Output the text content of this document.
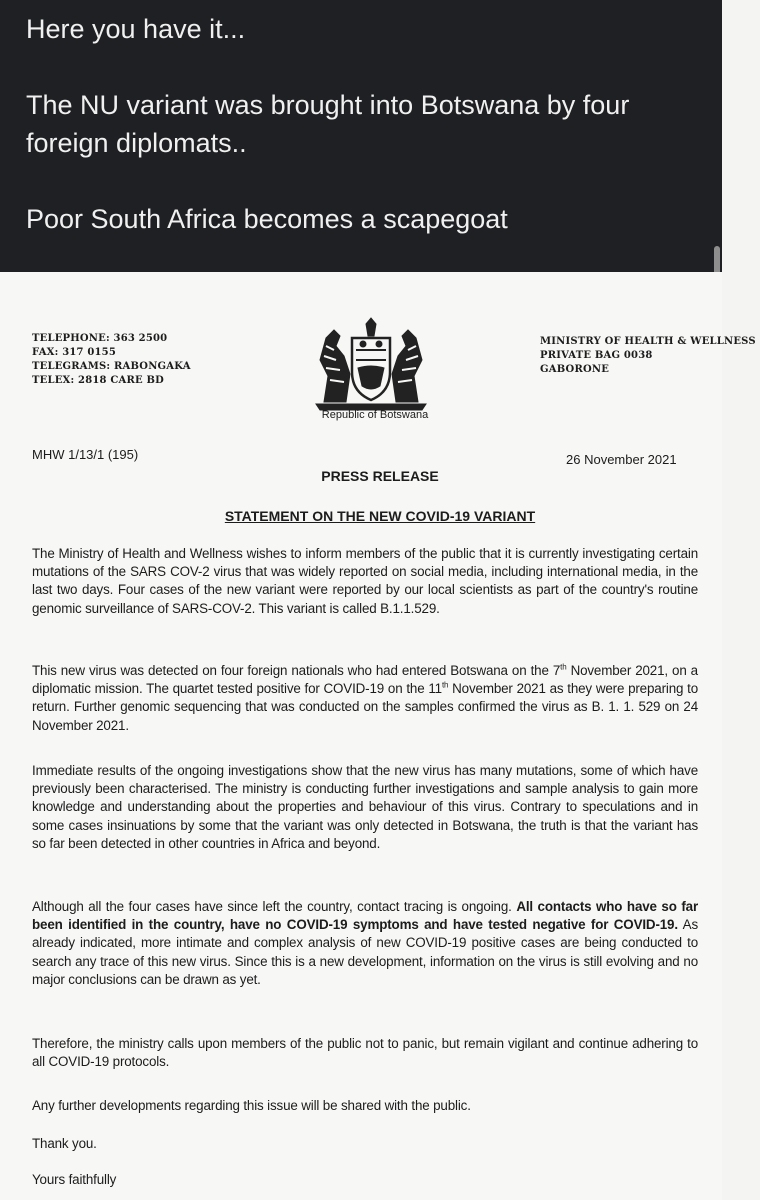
Here you have it...

The NU variant was brought into Botswana by four foreign diplomats..

Poor South Africa becomes a scapegoat

TELEPHONE: 363 2500
FAX: 317 0155
TELEGRAMS: RABONGAKA
TELEX: 2818 CARE BD
Republic of Botswana
MINISTRY OF HEALTH & WELLNESS
PRIVATE BAG 0038
GABORONE
MHW 1/13/1 (195)	26 November 2021
PRESS RELEASE
STATEMENT ON THE NEW COVID-19 VARIANT
The Ministry of Health and Wellness wishes to inform members of the public that it is currently investigating certain mutations of the SARS COV-2 virus that was widely reported on social media, including international media, in the last two days. Four cases of the new variant were reported by our local scientists as part of the country's routine genomic surveillance of SARS-COV-2. This variant is called B.1.1.529.
This new virus was detected on four foreign nationals who had entered Botswana on the 7th November 2021, on a diplomatic mission. The quartet tested positive for COVID-19 on the 11th November 2021 as they were preparing to return. Further genomic sequencing that was conducted on the samples confirmed the virus as B. 1. 1. 529 on 24 November 2021.
Immediate results of the ongoing investigations show that the new virus has many mutations, some of which have previously been characterised. The ministry is conducting further investigations and sample analysis to gain more knowledge and understanding about the properties and behaviour of this virus. Contrary to speculations and in some cases insinuations by some that the variant was only detected in Botswana, the truth is that the variant has so far been detected in other countries in Africa and beyond.
Although all the four cases have since left the country, contact tracing is ongoing. All contacts who have so far been identified in the country, have no COVID-19 symptoms and have tested negative for COVID-19. As already indicated, more intimate and complex analysis of new COVID-19 positive cases are being conducted to search any trace of this new virus. Since this is a new development, information on the virus is still evolving and no major conclusions can be drawn as yet.
Therefore, the ministry calls upon members of the public not to panic, but remain vigilant and continue adhering to all COVID-19 protocols.
Any further developments regarding this issue will be shared with the public.
Thank you.
Yours faithfully
